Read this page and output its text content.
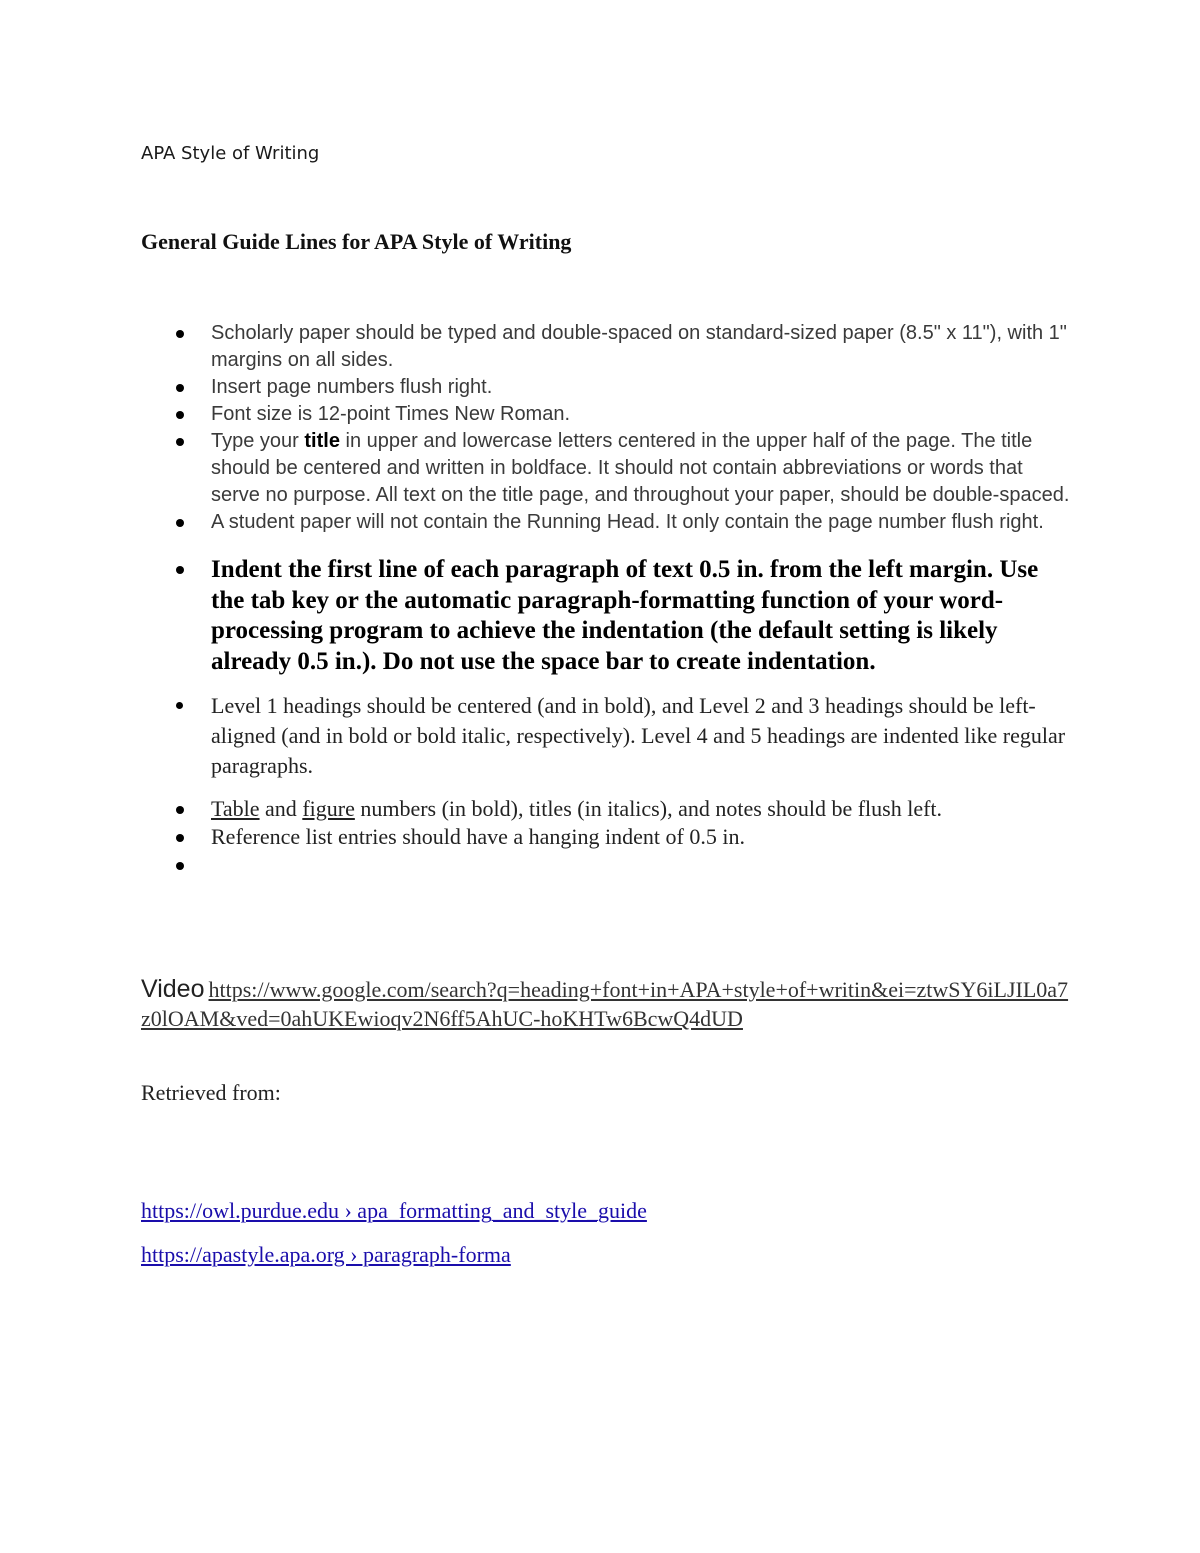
APA Style of Writing
General Guide Lines for APA Style of Writing
Scholarly paper should be typed and double-spaced on standard-sized paper (8.5" x 11"), with 1" margins on all sides.
Insert page numbers flush right.
Font size is 12-point Times New Roman.
Type your title in upper and lowercase letters centered in the upper half of the page. The title should be centered and written in boldface. It should not contain abbreviations or words that serve no purpose. All text on the title page, and throughout your paper, should be double-spaced.
A student paper will not contain the Running Head. It only contain the page number flush right.
Indent the first line of each paragraph of text 0.5 in. from the left margin. Use the tab key or the automatic paragraph-formatting function of your word-processing program to achieve the indentation (the default setting is likely already 0.5 in.). Do not use the space bar to create indentation.
Level 1 headings should be centered (and in bold), and Level 2 and 3 headings should be left-aligned (and in bold or bold italic, respectively). Level 4 and 5 headings are indented like regular paragraphs.
Table and figure numbers (in bold), titles (in italics), and notes should be flush left.
Reference list entries should have a hanging indent of 0.5 in.
Video https://www.google.com/search?q=heading+font+in+APA+style+of+writin&ei=ztwSY6iLJIL0a7z0lOAM&ved=0ahUKEwioqv2N6ff5AhUC-hoKHTw6BcwQ4dUD
Retrieved from:
https://owl.purdue.edu › apa_formatting_and_style_guide
https://apastyle.apa.org › paragraph-forma
